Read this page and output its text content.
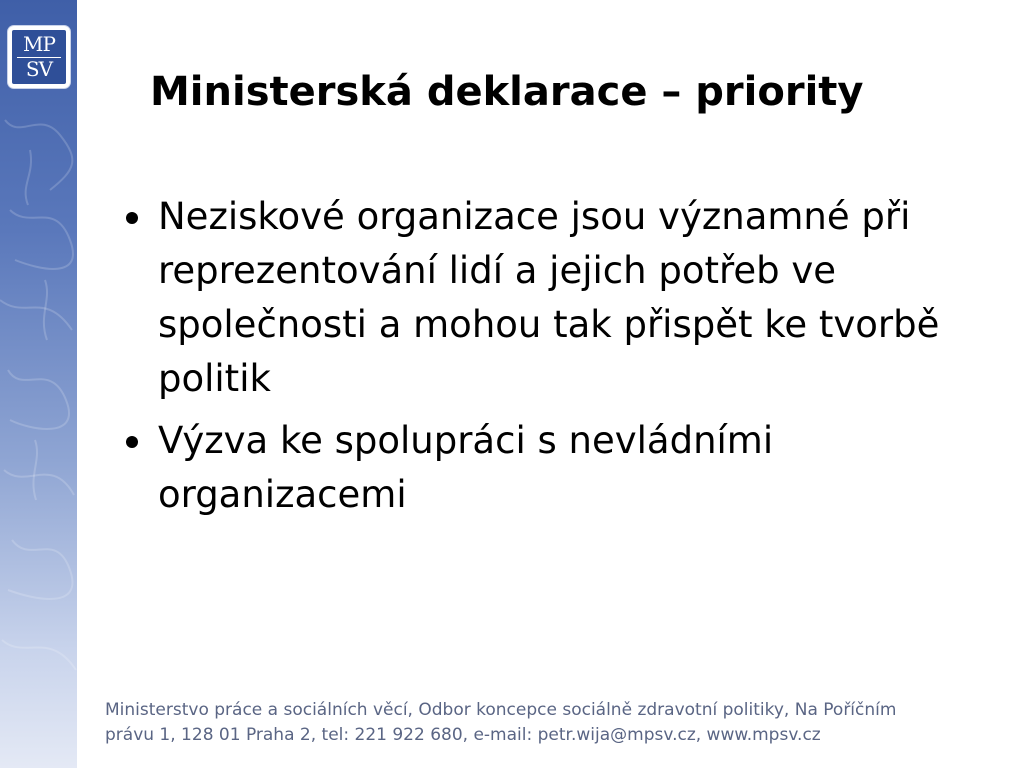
MP
SV	Ministerská deklarace – priority
Neziskové organizace jsou významné při reprezentování lidí a jejich potřeb ve společnosti a mohou tak přispět ke tvorbě politik
Výzva ke spolupráci s nevládními organizacemi
Ministerstvo práce a sociálních věcí, Odbor koncepce sociálně zdravotní politiky, Na Poříčním
právu 1, 128 01 Praha 2, tel: 221 922 680, e-mail: petr.wija@mpsv.cz, www.mpsv.cz
